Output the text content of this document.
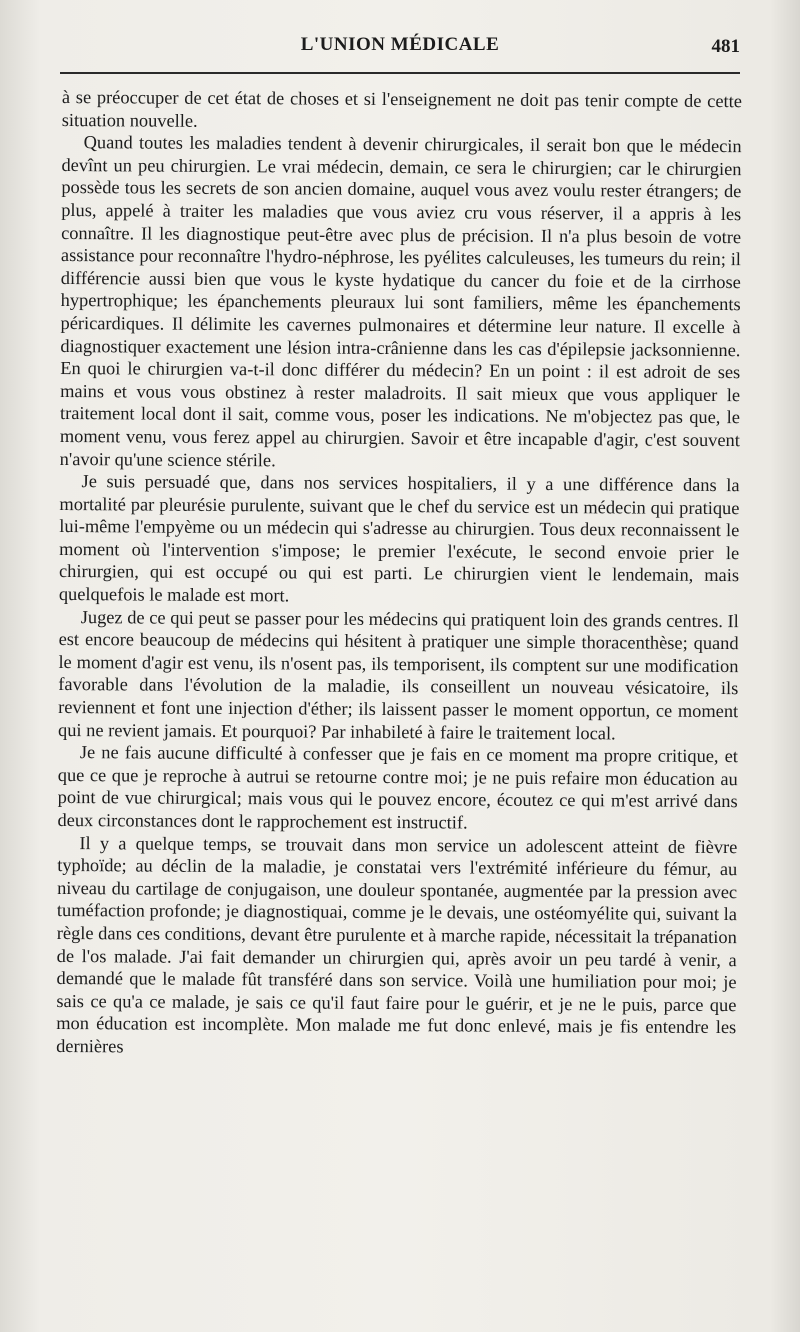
L'UNION MÉDICALE	481

à se préoccuper de cet état de choses et si l'enseignement ne doit pas tenir compte de cette situation nouvelle.

Quand toutes les maladies tendent à devenir chirurgicales, il serait bon que le médecin devînt un peu chirurgien. Le vrai médecin, demain, ce sera le chirurgien; car le chirurgien possède tous les secrets de son ancien domaine, auquel vous avez voulu rester étrangers; de plus, appelé à traiter les maladies que vous aviez cru vous réserver, il a appris à les connaître. Il les diagnostique peut-être avec plus de précision. Il n'a plus besoin de votre assistance pour reconnaître l'hydro-néphrose, les pyélites calculeuses, les tumeurs du rein; il différencie aussi bien que vous le kyste hydatique du cancer du foie et de la cirrhose hypertrophique; les épanchements pleuraux lui sont familiers, même les épanchements péricardiques. Il délimite les cavernes pulmonaires et détermine leur nature. Il excelle à diagnostiquer exactement une lésion intra-crânienne dans les cas d'épilepsie jacksonnienne. En quoi le chirurgien va-t-il donc différer du médecin? En un point : il est adroit de ses mains et vous vous obstinez à rester maladroits. Il sait mieux que vous appliquer le traitement local dont il sait, comme vous, poser les indications. Ne m'objectez pas que, le moment venu, vous ferez appel au chirurgien. Savoir et être incapable d'agir, c'est souvent n'avoir qu'une science stérile.

Je suis persuadé que, dans nos services hospitaliers, il y a une différence dans la mortalité par pleurésie purulente, suivant que le chef du service est un médecin qui pratique lui-même l'empyème ou un médecin qui s'adresse au chirurgien. Tous deux reconnaissent le moment où l'intervention s'impose; le premier l'exécute, le second envoie prier le chirurgien, qui est occupé ou qui est parti. Le chirurgien vient le lendemain, mais quelquefois le malade est mort.

Jugez de ce qui peut se passer pour les médecins qui pratiquent loin des grands centres. Il est encore beaucoup de médecins qui hésitent à pratiquer une simple thoracenthèse; quand le moment d'agir est venu, ils n'osent pas, ils temporisent, ils comptent sur une modification favorable dans l'évolution de la maladie, ils conseillent un nouveau vésicatoire, ils reviennent et font une injection d'éther; ils laissent passer le moment opportun, ce moment qui ne revient jamais. Et pourquoi? Par inhabileté à faire le traitement local.

Je ne fais aucune difficulté à confesser que je fais en ce moment ma propre critique, et que ce que je reproche à autrui se retourne contre moi; je ne puis refaire mon éducation au point de vue chirurgical; mais vous qui le pouvez encore, écoutez ce qui m'est arrivé dans deux circonstances dont le rapprochement est instructif.

Il y a quelque temps, se trouvait dans mon service un adolescent atteint de fièvre typhoïde; au déclin de la maladie, je constatai vers l'extrémité inférieure du fémur, au niveau du cartilage de conjugaison, une douleur spontanée, augmentée par la pression avec tuméfaction profonde; je diagnostiquai, comme je le devais, une ostéomyélite qui, suivant la règle dans ces conditions, devant être purulente et à marche rapide, nécessitait la trépanation de l'os malade. J'ai fait demander un chirurgien qui, après avoir un peu tardé à venir, a demandé que le malade fût transféré dans son service. Voilà une humiliation pour moi; je sais ce qu'a ce malade, je sais ce qu'il faut faire pour le guérir, et je ne le puis, parce que mon éducation est incomplète. Mon malade me fut donc enlevé, mais je fis entendre les dernières
